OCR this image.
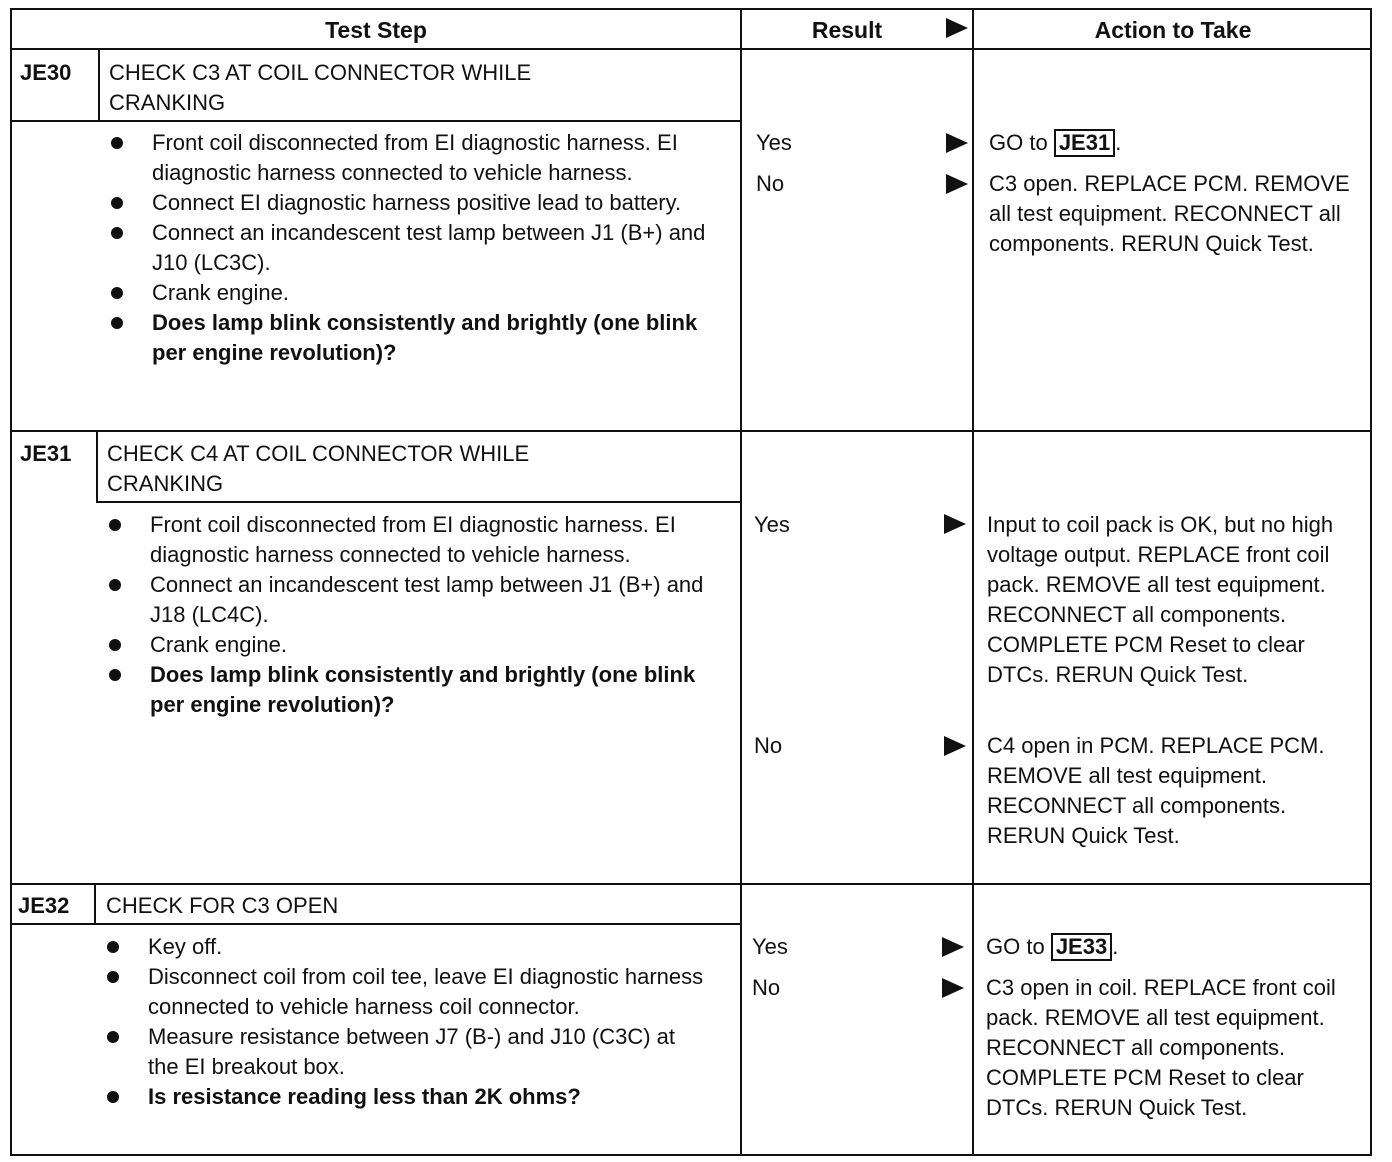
Test Step	Result	Action to Take
JE30 CHECK C3 AT COIL CONNECTOR WHILE
CRANKING
Front coil disconnected from EI diagnostic harness. EI diagnostic harness connected to vehicle harness.
Connect EI diagnostic harness positive lead to battery.
Connect an incandescent test lamp between J1 (B+) and J10 (LC3C).
Crank engine.
Does lamp blink consistently and brightly (one blink per engine revolution)?
Yes
No
GO to JE31 .
C3 open. REPLACE PCM. REMOVE all test equipment. RECONNECT all components. RERUN Quick Test.
JE31 CHECK C4 AT COIL CONNECTOR WHILE
CRANKING
Front coil disconnected from EI diagnostic harness. EI diagnostic harness connected to vehicle harness.
Connect an incandescent test lamp between J1 (B+) and J18 (LC4C).
Crank engine.
Does lamp blink consistently and brightly (one blink per engine revolution)?
Yes
No
Input to coil pack is OK, but no high voltage output. REPLACE front coil pack. REMOVE all test equipment. RECONNECT all components. COMPLETE PCM Reset to clear DTCs. RERUN Quick Test.
C4 open in PCM. REPLACE PCM. REMOVE all test equipment. RECONNECT all components. RERUN Quick Test.
JE32 CHECK FOR C3 OPEN
Key off.
Disconnect coil from coil tee, leave EI diagnostic harness connected to vehicle harness coil connector.
Measure resistance between J7 (B-) and J10 (C3C) at the EI breakout box.
Is resistance reading less than 2K ohms?
Yes
No
GO to JE33 .
C3 open in coil. REPLACE front coil pack. REMOVE all test equipment. RECONNECT all components. COMPLETE PCM Reset to clear DTCs. RERUN Quick Test.
